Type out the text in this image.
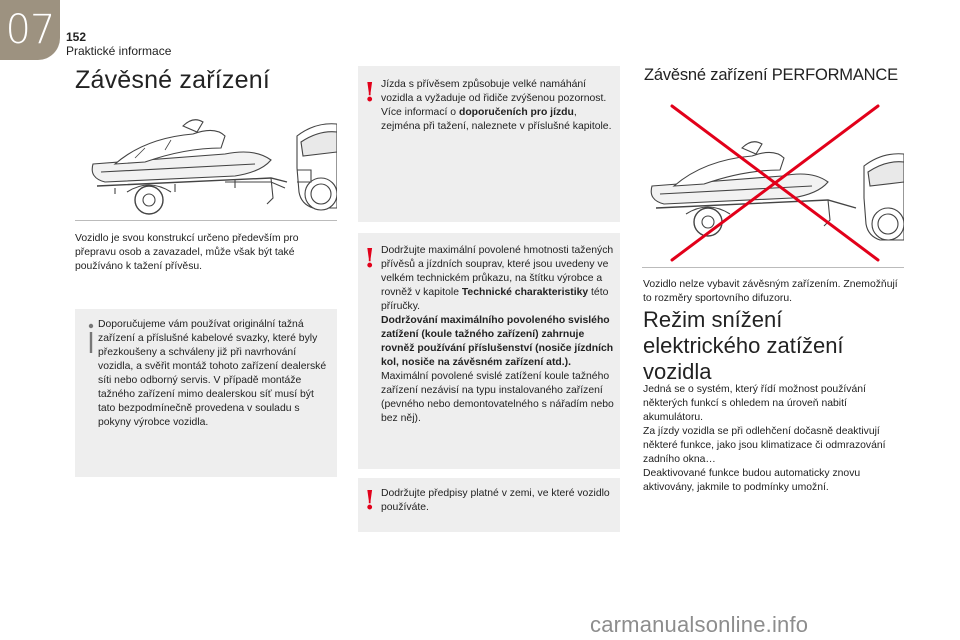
07 152
Praktické informace
Závěsné zařízení
Vozidlo je svou konstrukcí určeno především pro přepravu osob a zavazadel, může však být také používáno k tažení přívěsu.
Doporučujeme vám používat originální tažná zařízení a příslušné kabelové svazky, které byly přezkoušeny a schváleny již při navrhování vozidla, a svěřit montáž tohoto zařízení dealerské síti nebo odborný servis. V případě montáže tažného zařízení mimo dealerskou síť musí být tato bezpodmínečně provedena v souladu s pokyny výrobce vozidla.
! Jízda s přívěsem způsobuje velké namáhání vozidla a vyžaduje od řidiče zvýšenou pozornost.
Více informací o doporučeních pro jízdu, zejména při tažení, naleznete v příslušné kapitole.
! Dodržujte maximální povolené hmotnosti tažených přívěsů a jízdních souprav, které jsou uvedeny ve velkém technickém průkazu, na štítku výrobce a rovněž v kapitole Technické charakteristiky této příručky.
Dodržování maximálního povoleného svislého zatížení (koule tažného zařízení) zahrnuje rovněž používání příslušenství (nosiče jízdních kol, nosiče na závěsném zařízení atd.).
Maximální povolené svislé zatížení koule tažného zařízení nezávisí na typu instalovaného zařízení (pevného nebo demontovatelného s nářadím nebo bez něj).
! Dodržujte předpisy platné v zemi, ve které vozidlo používáte.
Závěsné zařízení PERFORMANCE
Vozidlo nelze vybavit závěsným zařízením. Znemožňují to rozměry sportovního difuzoru.
Režim snížení elektrického zatížení vozidla
Jedná se o systém, který řídí možnost používání některých funkcí s ohledem na úroveň nabití akumulátoru.
Za jízdy vozidla se při odlehčení dočasně deaktivují některé funkce, jako jsou klimatizace či odmrazování zadního okna…
Deaktivované funkce budou automaticky znovu aktivovány, jakmile to podmínky umožní.
carmanualsonline.info
